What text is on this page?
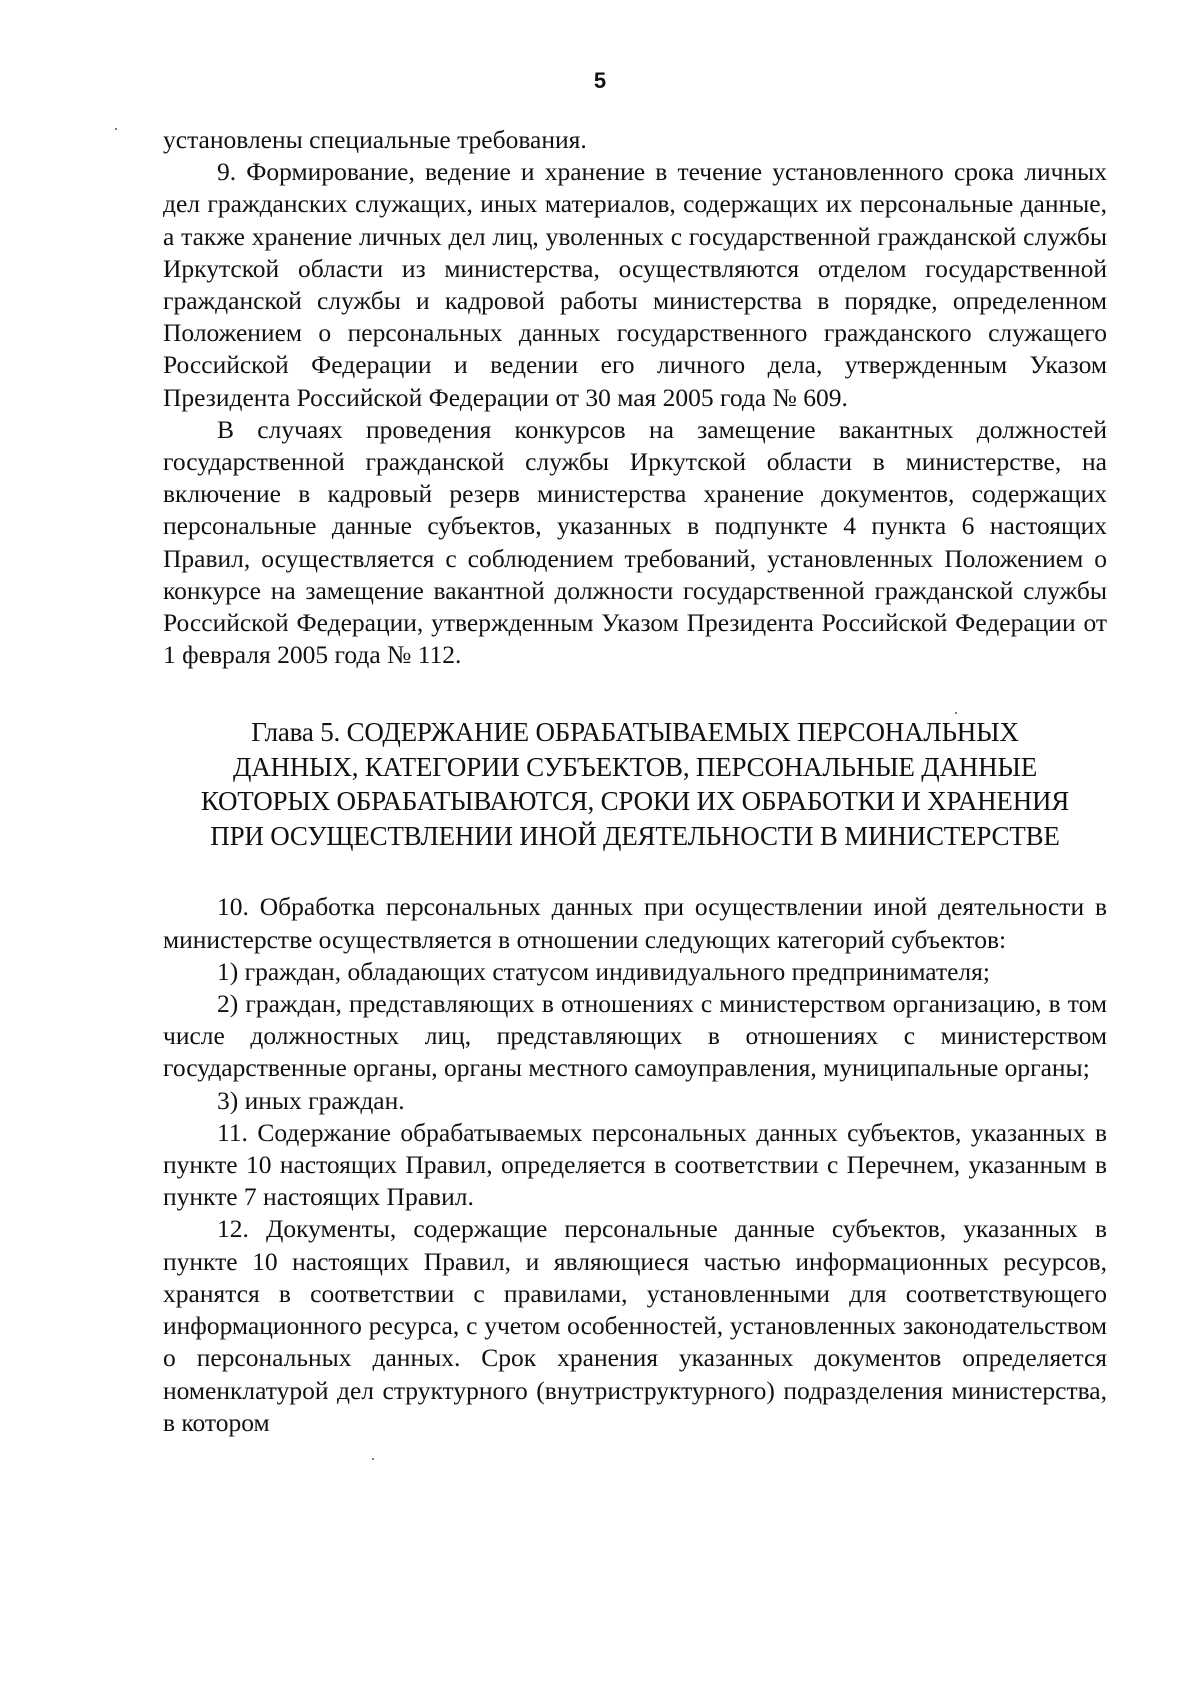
5

установлены специальные требования.

9. Формирование, ведение и хранение в течение установленного срока личных дел гражданских служащих, иных материалов, содержащих их персональные данные, а также хранение личных дел лиц, уволенных с государственной гражданской службы Иркутской области из министерства, осуществляются отделом государственной гражданской службы и кадровой работы министерства в порядке, определенном Положением о персональных данных государственного гражданского служащего Российской Федерации и ведении его личного дела, утвержденным Указом Президента Российской Федерации от 30 мая 2005 года № 609.

В случаях проведения конкурсов на замещение вакантных должностей государственной гражданской службы Иркутской области в министерстве, на включение в кадровый резерв министерства хранение документов, содержащих персональные данные субъектов, указанных в подпункте 4 пункта 6 настоящих Правил, осуществляется с соблюдением требований, установленных Положением о конкурсе на замещение вакантной должности государственной гражданской службы Российской Федерации, утвержденным Указом Президента Российской Федерации от 1 февраля 2005 года № 112.

Глава 5. СОДЕРЖАНИЕ ОБРАБАТЫВАЕМЫХ ПЕРСОНАЛЬНЫХ
ДАННЫХ, КАТЕГОРИИ СУБЪЕКТОВ, ПЕРСОНАЛЬНЫЕ ДАННЫЕ
КОТОРЫХ ОБРАБАТЫВАЮТСЯ, СРОКИ ИХ ОБРАБОТКИ И ХРАНЕНИЯ
ПРИ ОСУЩЕСТВЛЕНИИ ИНОЙ ДЕЯТЕЛЬНОСТИ В МИНИСТЕРСТВЕ

10. Обработка персональных данных при осуществлении иной деятельности в министерстве осуществляется в отношении следующих категорий субъектов:

1) граждан, обладающих статусом индивидуального предпринимателя;

2) граждан, представляющих в отношениях с министерством организацию, в том числе должностных лиц, представляющих в отношениях с министерством государственные органы, органы местного самоуправления, муниципальные органы;

3) иных граждан.

11. Содержание обрабатываемых персональных данных субъектов, указанных в пункте 10 настоящих Правил, определяется в соответствии с Перечнем, указанным в пункте 7 настоящих Правил.

12. Документы, содержащие персональные данные субъектов, указанных в пункте 10 настоящих Правил, и являющиеся частью информационных ресурсов, хранятся в соответствии с правилами, установленными для соответствующего информационного ресурса, с учетом особенностей, установленных законодательством о персональных данных. Срок хранения указанных документов определяется номенклатурой дел структурного (внутриструктурного) подразделения министерства, в котором
